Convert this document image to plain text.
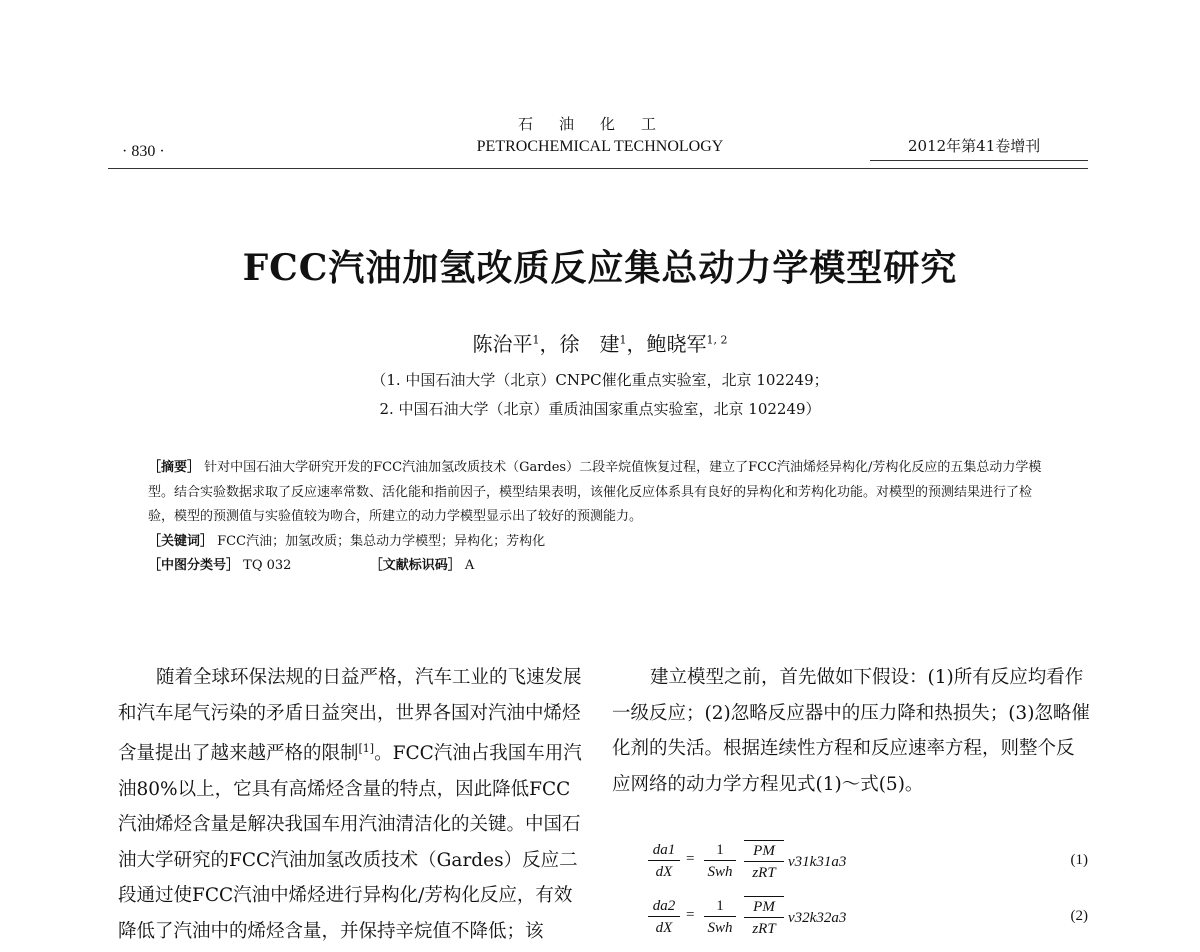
石油化工
PETROCHEMICAL TECHNOLOGY
· 830 ·	2012年第41卷增刊
FCC汽油加氢改质反应集总动力学模型研究
陈治平$^1$，徐　建$^1$，鲍晓军$^{1, 2}$
（1. 中国石油大学（北京）CNPC催化重点实验室，北京 102249；
2. 中国石油大学（北京）重质油国家重点实验室，北京 102249）
［摘要］ 针对中国石油大学研究开发的FCC汽油加氢改质技术（Gardes）二段辛烷值恢复过程，建立了FCC汽油烯烃异构化/芳构化反应的五集总动力学模型。结合实验数据求取了反应速率常数、活化能和指前因子，模型结果表明，该催化反应体系具有良好的异构化和芳构化功能。对模型的预测结果进行了检验，模型的预测值与实验值较为吻合，所建立的动力学模型显示出了较好的预测能力。
［关键词］ FCC汽油；加氢改质；集总动力学模型；异构化；芳构化
［中图分类号］ TQ 032	［文献标识码］ A
随着全球环保法规的日益严格，汽车工业的飞速发展和汽车尾气污染的矛盾日益突出，世界各国对汽油中烯烃含量提出了越来越严格的限制[1]。FCC汽油占我国车用汽油80%以上，它具有高烯烃含量的特点，因此降低FCC汽油烯烃含量是解决我国车用汽油清洁化的关键。中国石油大学研究的FCC汽油加氢改质技术（Gardes）反应二段通过使FCC汽油中烯烃进行异构化/芳构化反应，有效降低了汽油中的烯烃含量，并保持辛烷值不降低；该
建立模型之前，首先做如下假设：(1)所有反应均看作一级反应；(2)忽略反应器中的压力降和热损失；(3)忽略催化剂的失活。根据连续性方程和反应速率方程，则整个反应网络的动力学方程见式(1)～式(5)。
$\frac{da1}{dX}$ =
1
Swh
PM
zRT
v31k31a3	(1)
$\frac{da2}{dX}$ =
1
Swh
PM
zRT
v32k32a3	(2)
